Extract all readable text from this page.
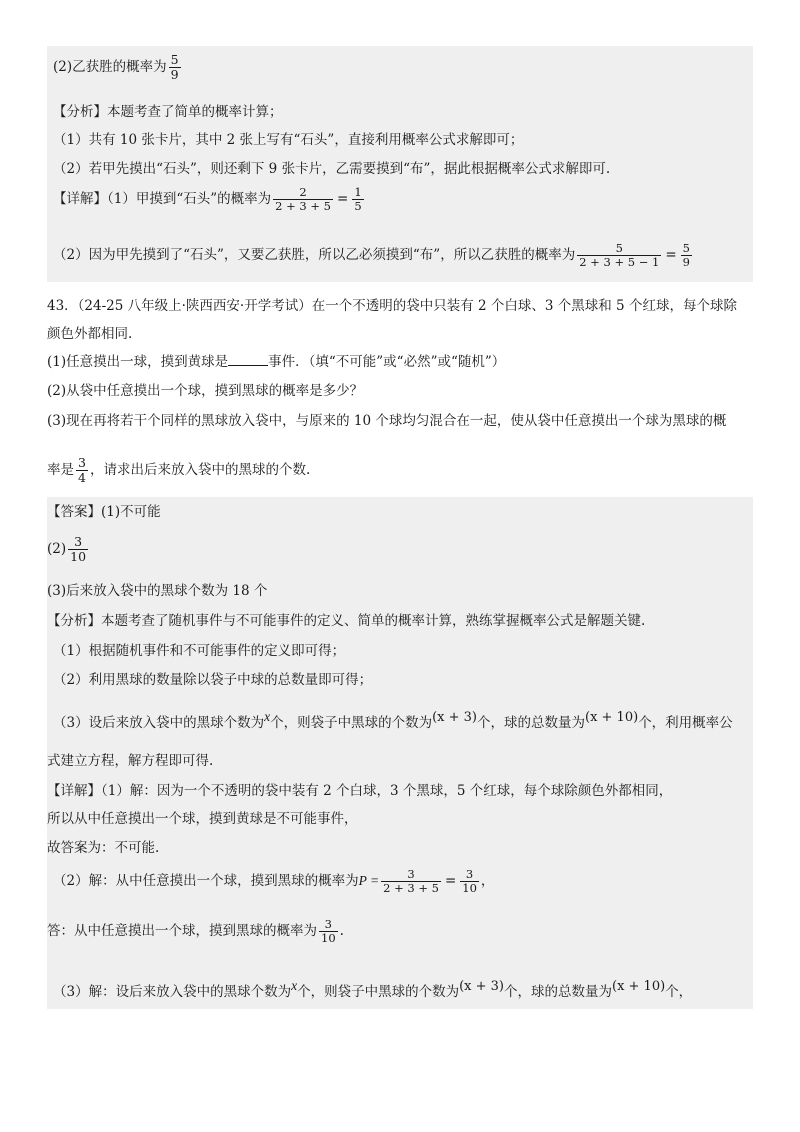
(2)乙获胜的概率为 $\frac{5}{9}$
【分析】本题考查了简单的概率计算；
（1）共有 10 张卡片，其中 2 张上写有“石头”，直接利用概率公式求解即可；
（2）若甲先摸出“石头”，则还剩下 9 张卡片，乙需要摸到“布”，据此根据概率公式求解即可.
【详解】（1）甲摸到“石头”的概率为 $\frac{2}{2 + 3 + 5} = \frac{1}{5}$
（2）因为甲先摸到了“石头”，又要乙获胜，所以乙必须摸到“布”，所以乙获胜的概率为 $\frac{5}{2 + 3 + 5 - 1} = \frac{5}{9}$
43．（24-25 八年级上·陕西西安·开学考试）在一个不透明的袋中只装有 2 个白球、3 个黑球和 5 个红球，每个球除
颜色外都相同.
(1)任意摸出一球，摸到黄球是	事件．（填“不可能”或“必然”或“随机”）
(2)从袋中任意摸出一个球，摸到黑球的概率是多少？
(3)现在再将若干个同样的黑球放入袋中，与原来的 10 个球均匀混合在一起，使从袋中任意摸出一个球为黑球的概
率是 $\frac{3}{4}$ ，请求出后来放入袋中的黑球的个数.
【答案】(1)不可能
$(2) \frac{3}{10}$
(3)后来放入袋中的黑球个数为 18 个
【分析】本题考查了随机事件与不可能事件的定义、简单的概率计算，熟练掌握概率公式是解题关键.
（1）根据随机事件和不可能事件的定义即可得；
（2）利用黑球的数量除以袋子中球的总数量即可得；
（3）设后来放入袋中的黑球个数为x个，则袋子中黑球的个数为(x + 3)个，球的总数量为(x + 10)个，利用概率公
式建立方程，解方程即可得.
【详解】（1）解：因为一个不透明的袋中装有 2 个白球，3 个黑球，5 个红球，每个球除颜色外都相同，
所以从中任意摸出一个球，摸到黄球是不可能事件，
故答案为：不可能.
（2）解：从中任意摸出一个球，摸到黑球的概率为$P = \frac{3}{2 + 3 + 5} = \frac{3}{10}$ ，
答：从中任意摸出一个球，摸到黑球的概率为 $\frac{3}{10}$ .
（3）解：设后来放入袋中的黑球个数为x个，则袋子中黑球的个数为(x + 3)个，球的总数量为(x + 10)个，
